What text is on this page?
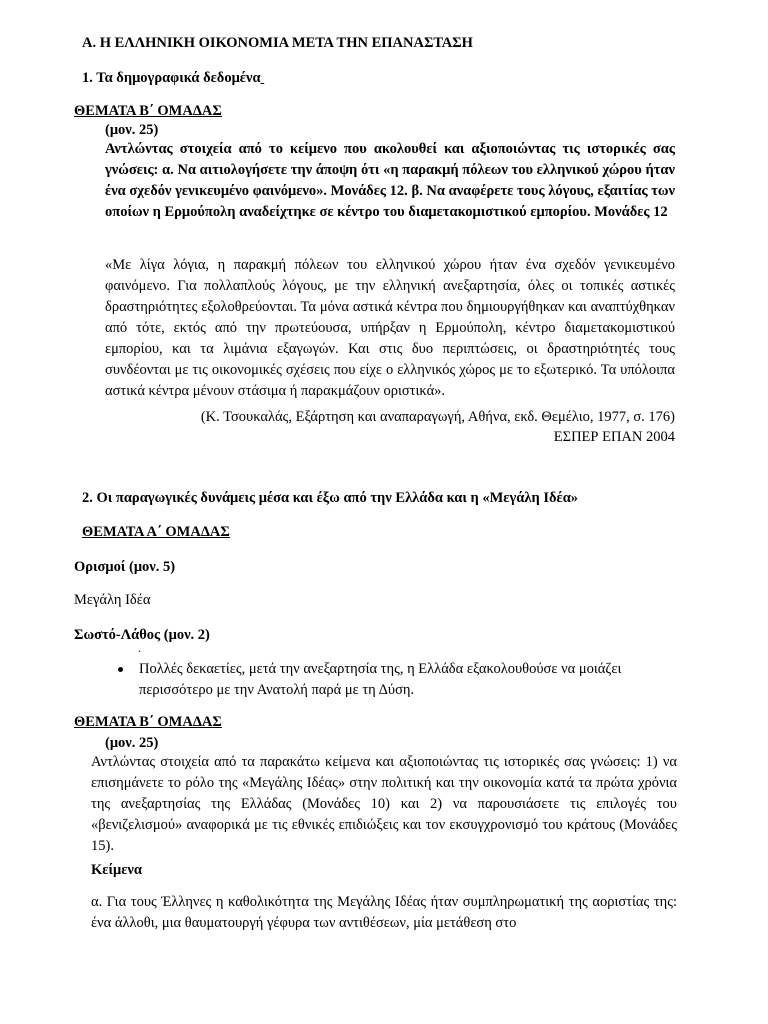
Α. Η ΕΛΛΗΝΙΚΗ ΟΙΚΟΝΟΜΙΑ ΜΕΤΑ ΤΗΝ ΕΠΑΝΑΣΤΑΣΗ
1. Τα δημογραφικά δεδομένα
ΘΕΜΑΤΑ Β΄ ΟΜΑΔΑΣ
(μον. 25)
Αντλώντας στοιχεία από το κείμενο που ακολουθεί και αξιοποιώντας τις ιστορικές σας γνώσεις: α. Να αιτιολογήσετε την άποψη ότι «η παρακμή πόλεων του ελληνικού χώρου ήταν ένα σχεδόν γενικευμένο φαινόμενο». Μονάδες 12. β. Να αναφέρετε τους λόγους, εξαιτίας των οποίων η Ερμούπολη αναδείχτηκε σε κέντρο του διαμετακομιστικού εμπορίου. Μονάδες 12
«Με λίγα λόγια, η παρακμή πόλεων του ελληνικού χώρου ήταν ένα σχεδόν γενικευμένο φαινόμενο. Για πολλαπλούς λόγους, με την ελληνική ανεξαρτησία, όλες οι τοπικές αστικές δραστηριότητες εξολοθρεύονται. Τα μόνα αστικά κέντρα που δημιουργήθηκαν και αναπτύχθηκαν από τότε, εκτός από την πρωτεύουσα, υπήρξαν η Ερμούπολη, κέντρο διαμετακομιστικού εμπορίου, και τα λιμάνια εξαγωγών. Και στις δυο περιπτώσεις, οι δραστηριότητές τους συνδέονται με τις οικονομικές σχέσεις που είχε ο ελληνικός χώρος με το εξωτερικό. Τα υπόλοιπα αστικά κέντρα μένουν στάσιμα ή παρακμάζουν οριστικά».
(Κ. Τσουκαλάς, Εξάρτηση και αναπαραγωγή, Αθήνα, εκδ. Θεμέλιο, 1977, σ. 176)
ΕΣΠΕΡ ΕΠΑΝ 2004
2. Οι παραγωγικές δυνάμεις μέσα και έξω από την Ελλάδα και η «Μεγάλη Ιδέα»
ΘΕΜΑΤΑ Α΄ ΟΜΑΔΑΣ
Ορισμοί (μον. 5)
Μεγάλη Ιδέα
Σωστό-Λάθος (μον. 2)
.
Πολλές δεκαετίες, μετά την ανεξαρτησία της, η Ελλάδα εξακολουθούσε να μοιάζει περισσότερο με την Ανατολή παρά με τη Δύση.
ΘΕΜΑΤΑ Β΄ ΟΜΑΔΑΣ
(μον. 25)
Αντλώντας στοιχεία από τα παρακάτω κείμενα και αξιοποιώντας τις ιστορικές σας γνώσεις: 1) να επισημάνετε το ρόλο της «Μεγάλης Ιδέας» στην πολιτική και την οικονομία κατά τα πρώτα χρόνια της ανεξαρτησίας της Ελλάδας (Μονάδες 10) και 2) να παρουσιάσετε τις επιλογές του «βενιζελισμού» αναφορικά με τις εθνικές επιδιώξεις και τον εκσυγχρονισμό του κράτους (Μονάδες 15).
Κείμενα
α. Για τους Έλληνες η καθολικότητα της Μεγάλης Ιδέας ήταν συμπληρωματική της αοριστίας της: ένα άλλοθι, μια θαυματουργή γέφυρα των αντιθέσεων, μία μετάθεση στο
